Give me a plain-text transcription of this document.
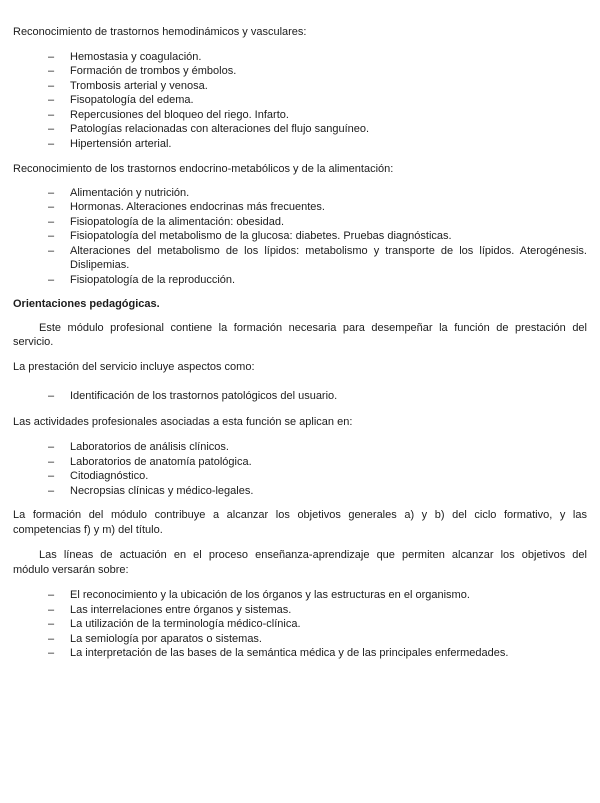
Reconocimiento de trastornos hemodinámicos y vasculares:

–	Hemostasia y coagulación.
–	Formación de trombos y émbolos.
–	Trombosis arterial y venosa.
–	Fisopatología del edema.
–	Repercusiones del bloqueo del riego. Infarto.
–	Patologías relacionadas con alteraciones del flujo sanguíneo.
–	Hipertensión arterial.

Reconocimiento de los trastornos endocrino-metabólicos y de la alimentación:

–	Alimentación y nutrición.
–	Hormonas. Alteraciones endocrinas más frecuentes.
–	Fisiopatología de la alimentación: obesidad.
–	Fisiopatología del metabolismo de la glucosa: diabetes. Pruebas diagnósticas.
–	Alteraciones del metabolismo de los lípidos: metabolismo y transporte de los lípidos. Aterogénesis.
Dislipemias.
–	Fisiopatología de la reproducción.

Orientaciones pedagógicas.

Este módulo profesional contiene la formación necesaria para desempeñar la función de prestación del
servicio.

La prestación del servicio incluye aspectos como:

–	Identificación de los trastornos patológicos del usuario.

Las actividades profesionales asociadas a esta función se aplican en:

–	Laboratorios de análisis clínicos.
–	Laboratorios de anatomía patológica.
–	Citodiagnóstico.
–	Necropsias clínicas y médico-legales.

La formación del módulo contribuye a alcanzar los objetivos generales a) y b) del ciclo formativo, y las
competencias f) y m) del título.

Las líneas de actuación en el proceso enseñanza-aprendizaje que permiten alcanzar los objetivos del
módulo versarán sobre:

–	El reconocimiento y la ubicación de los órganos y las estructuras en el organismo.
–	Las interrelaciones entre órganos y sistemas.
–	La utilización de la terminología médico-clínica.
–	La semiología por aparatos o sistemas.
–	La interpretación de las bases de la semántica médica y de las principales enfermedades.
